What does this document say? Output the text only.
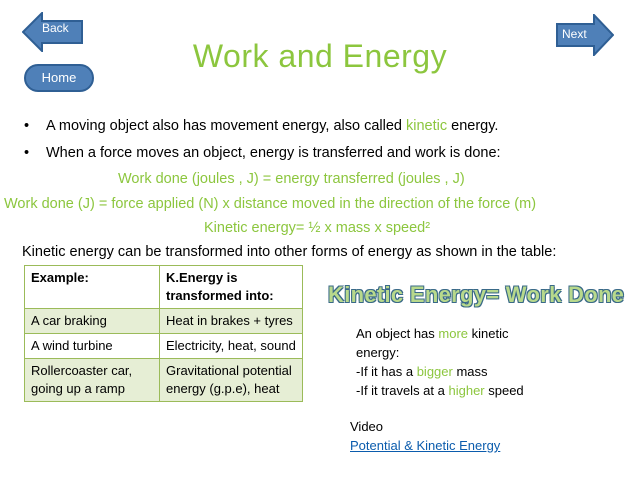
Back	Next
Home
Work and Energy
• A moving object also has movement energy, also called kinetic energy.
• When a force moves an object, energy is transferred and work is done:
Work done (joules , J) = energy transferred (joules , J)
Work done (J) = force applied (N) x distance moved in the direction of the force (m)
Kinetic energy= ½ x mass x speed²
Kinetic energy can be transformed into other forms of energy as shown in the table:
Example:	K.Energy is transformed into:
A car braking	Heat in brakes + tyres
A wind turbine	Electricity, heat, sound
Rollercoaster car, going up a ramp	Gravitational potential energy (g.p.e), heat
Kinetic Energy= Work Done
An object has more kinetic
energy:
-If it has a bigger mass
-If it travels at a higher speed
Video
Potential & Kinetic Energy
